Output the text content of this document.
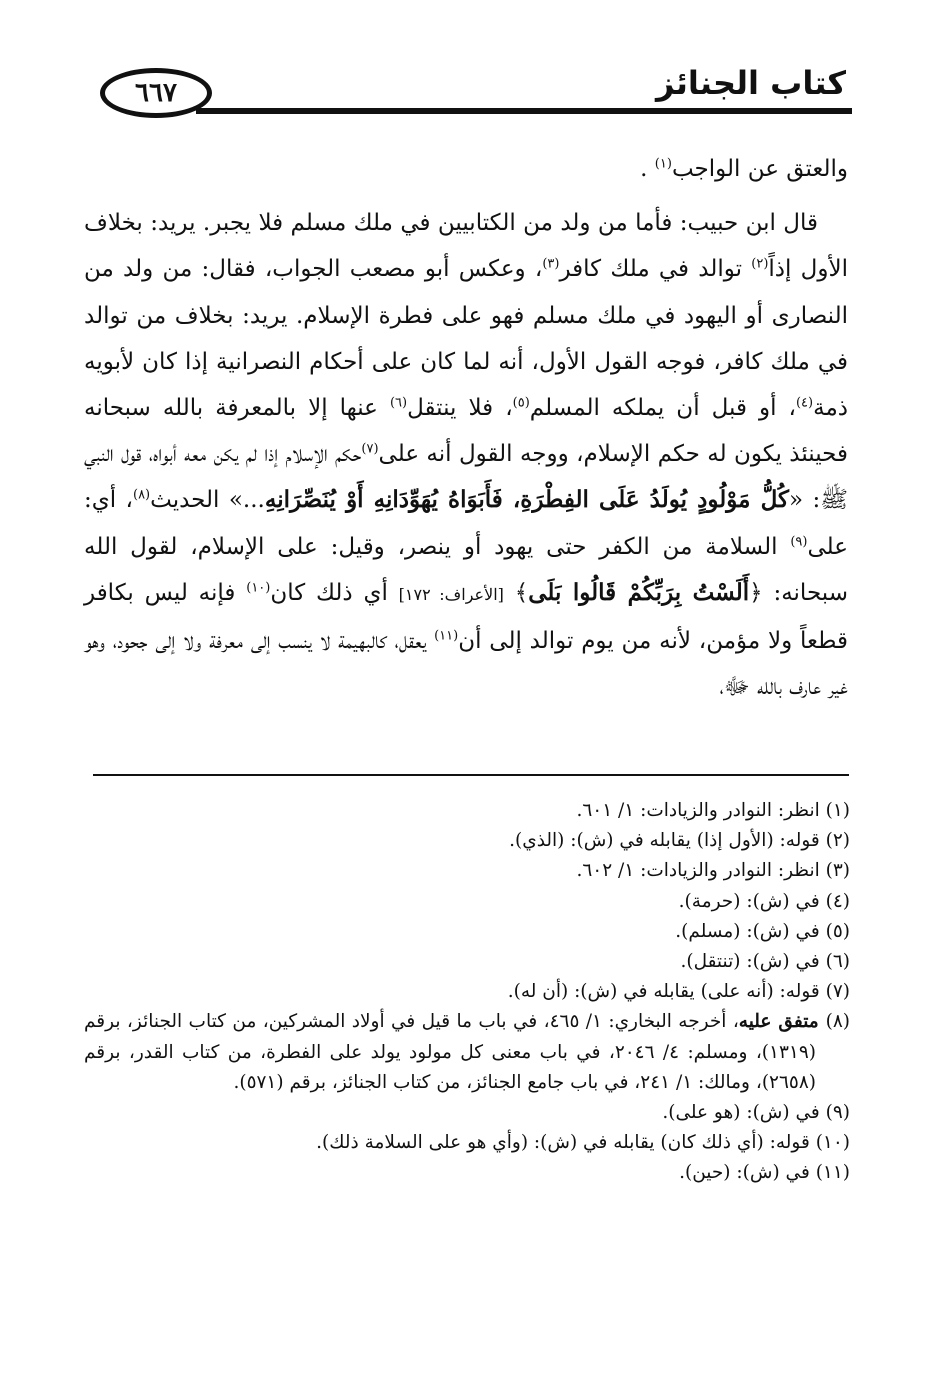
٦٦٧	كتاب الجنائز

والعتق عن الواجب$^{(١)}$ .

قال ابن حبيب: فأما من ولد من الكتابيين في ملك مسلم فلا يجبر. يريد: بخلاف الأول إذاً$^{(٢)}$ توالد في ملك كافر$^{(٣)}$، وعكس أبو مصعب الجواب، فقال: من ولد من النصارى أو اليهود في ملك مسلم فهو على فطرة الإسلام. يريد: بخلاف من توالد في ملك كافر، فوجه القول الأول، أنه لما كان على أحكام النصرانية إذا كان لأبويه ذمة$^{(٤)}$، أو قبل أن يملكه المسلم$^{(٥)}$، فلا ينتقل$^{(٦)}$ عنها إلا بالمعرفة بالله سبحانه فحينئذ يكون له حكم الإسلام، ووجه القول أنه على$^{(٧)}$حكم الإسلام إذا لم يكن معه أبواه، قول النبي ﷺ: «كُلُّ مَوْلُودٍ يُولَدُ عَلَى الفِطْرَةِ، فَأَبَوَاهُ يُهَوِّدَانِهِ أَوْ يُنَصِّرَانِهِ...» الحديث$^{(٨)}$، أي: على$^{(٩)}$ السلامة من الكفر حتى يهود أو ينصر، وقيل: على الإسلام، لقول الله سبحانه: ﴿أَلَسْتُ بِرَبِّكُمْ قَالُوا بَلَى﴾ [الأعراف: ١٧٢] أي ذلك كان$^{(١٠)}$ فإنه ليس بكافر قطعاً ولا مؤمن، لأنه من يوم توالد إلى أن$^{(١١)}$ يعقل، كالبهيمة لا ينسب إلى معرفة ولا إلى جحود، وهو غير عارف بالله ﷻ،

(١) انظر: النوادر والزيادات: ١/ ٦٠١.

(٢) قوله: (الأول إذا) يقابله في (ش): (الذي).

(٣) انظر: النوادر والزيادات: ١/ ٦٠٢.

(٤) في (ش): (حرمة).

(٥) في (ش): (مسلم).

(٦) في (ش): (تنتقل).

(٧) قوله: (أنه على) يقابله في (ش): (أن له).

(٨) متفق عليه، أخرجه البخاري: ١/ ٤٦٥، في باب ما قيل في أولاد المشركين، من كتاب الجنائز، برقم (١٣١٩)، ومسلم: ٤/ ٢٠٤٦، في باب معنى كل مولود يولد على الفطرة، من كتاب القدر، برقم (٢٦٥٨)، ومالك: ١/ ٢٤١، في باب جامع الجنائز، من كتاب الجنائز، برقم (٥٧١).

(٩) في (ش): (هو على).

(١٠) قوله: (أي ذلك كان) يقابله في (ش): (وأي هو على السلامة ذلك).

(١١) في (ش): (حين).
